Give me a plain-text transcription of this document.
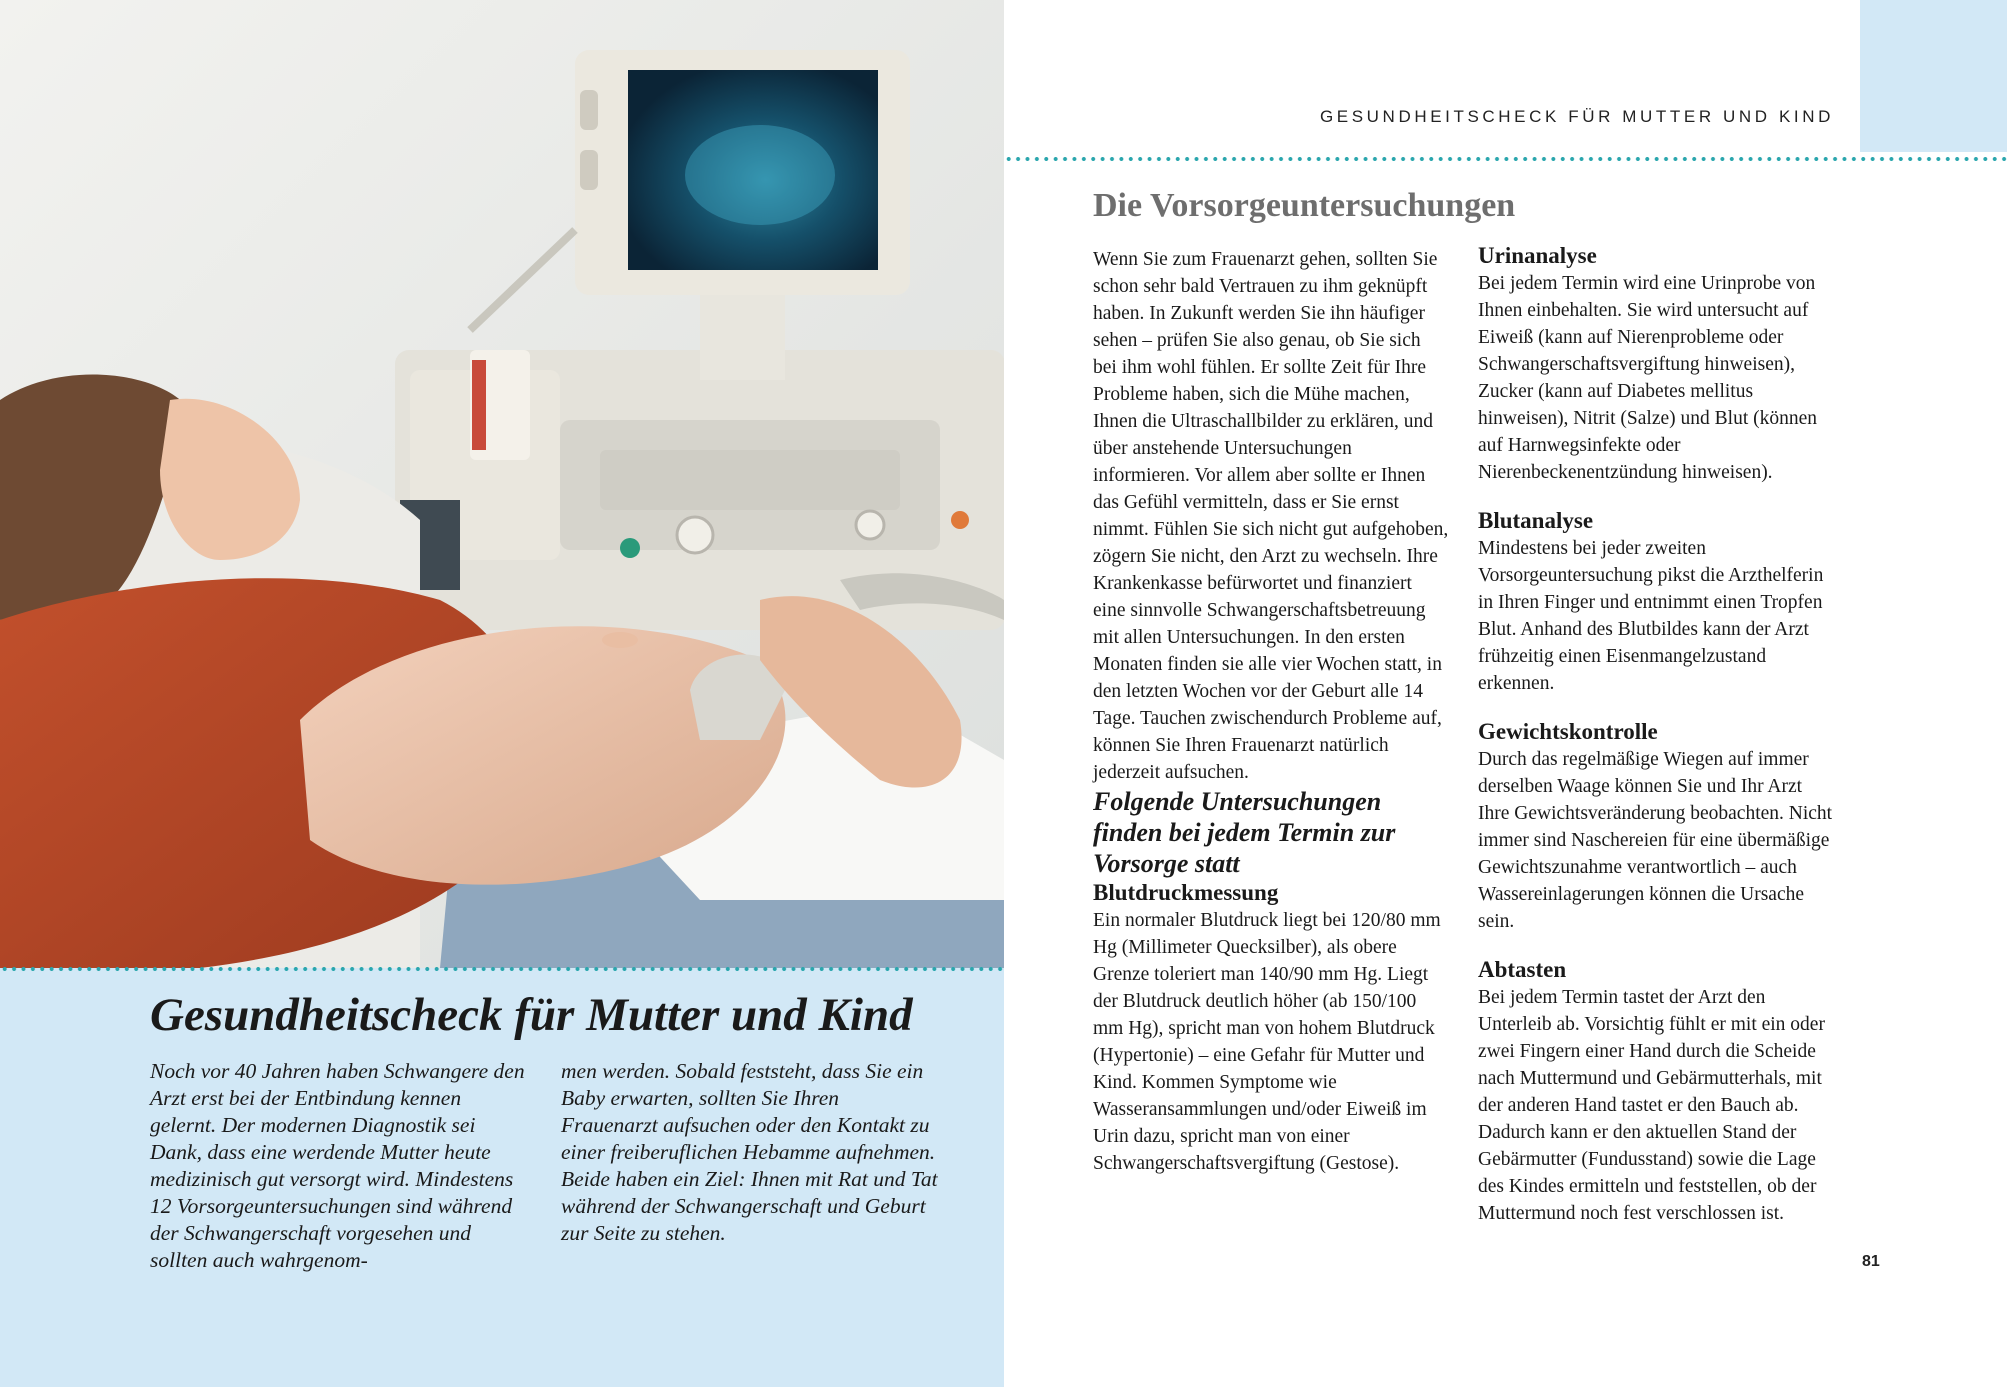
Gesundheitscheck für Mutter und Kind

Noch vor 40 Jahren haben Schwangere den Arzt erst bei der Entbindung kennen gelernt. Der modernen Diagnostik sei Dank, dass eine werdende Mutter heute medizinisch gut versorgt wird. Mindestens 12 Vorsorgeuntersuchungen sind während der Schwangerschaft vorgesehen und sollten auch wahrgenom-

men werden. Sobald feststeht, dass Sie ein Baby erwarten, sollten Sie Ihren Frauenarzt aufsuchen oder den Kontakt zu einer freiberuflichen Hebamme aufnehmen. Beide haben ein Ziel: Ihnen mit Rat und Tat während der Schwangerschaft und Geburt zur Seite zu stehen.

GESUNDHEITSCHECK FÜR MUTTER UND KIND

Die Vorsorgeuntersuchungen

Wenn Sie zum Frauenarzt gehen, sollten Sie schon sehr bald Vertrauen zu ihm geknüpft haben. In Zukunft werden Sie ihn häufiger sehen – prüfen Sie also genau, ob Sie sich bei ihm wohl fühlen. Er sollte Zeit für Ihre Probleme haben, sich die Mühe machen, Ihnen die Ultraschallbilder zu erklären, und über anstehende Untersuchungen informieren. Vor allem aber sollte er Ihnen das Gefühl vermitteln, dass er Sie ernst nimmt. Fühlen Sie sich nicht gut aufgehoben, zögern Sie nicht, den Arzt zu wechseln. Ihre Krankenkasse befürwortet und finanziert eine sinnvolle Schwangerschaftsbetreuung mit allen Untersuchungen. In den ersten Monaten finden sie alle vier Wochen statt, in den letzten Wochen vor der Geburt alle 14 Tage. Tauchen zwischendurch Probleme auf, können Sie Ihren Frauenarzt natürlich jederzeit aufsuchen.

Folgende Untersuchungen finden bei jedem Termin zur Vorsorge statt

Blutdruckmessung

Ein normaler Blutdruck liegt bei 120/80 mm Hg (Millimeter Quecksilber), als obere Grenze toleriert man 140/90 mm Hg. Liegt der Blutdruck deutlich höher (ab 150/100 mm Hg), spricht man von hohem Blutdruck (Hypertonie) – eine Gefahr für Mutter und Kind. Kommen Symptome wie Wasseransammlungen und/oder Eiweiß im Urin dazu, spricht man von einer Schwangerschaftsvergiftung (Gestose).

Urinanalyse

Bei jedem Termin wird eine Urinprobe von Ihnen einbehalten. Sie wird untersucht auf Eiweiß (kann auf Nierenprobleme oder Schwangerschaftsvergiftung hinweisen), Zucker (kann auf Diabetes mellitus hinweisen), Nitrit (Salze) und Blut (können auf Harnwegsinfekte oder Nierenbeckenentzündung hinweisen).

Blutanalyse

Mindestens bei jeder zweiten Vorsorgeuntersuchung pikst die Arzthelferin in Ihren Finger und entnimmt einen Tropfen Blut. Anhand des Blutbildes kann der Arzt frühzeitig einen Eisenmangelzustand erkennen.

Gewichtskontrolle

Durch das regelmäßige Wiegen auf immer derselben Waage können Sie und Ihr Arzt Ihre Gewichtsveränderung beobachten. Nicht immer sind Naschereien für eine übermäßige Gewichtszunahme verantwortlich – auch Wassereinlagerungen können die Ursache sein.

Abtasten

Bei jedem Termin tastet der Arzt den Unterleib ab. Vorsichtig fühlt er mit ein oder zwei Fingern einer Hand durch die Scheide nach Muttermund und Gebärmutterhals, mit der anderen Hand tastet er den Bauch ab. Dadurch kann er den aktuellen Stand der Gebärmutter (Fundusstand) sowie die Lage des Kindes ermitteln und feststellen, ob der Muttermund noch fest verschlossen ist.

81
